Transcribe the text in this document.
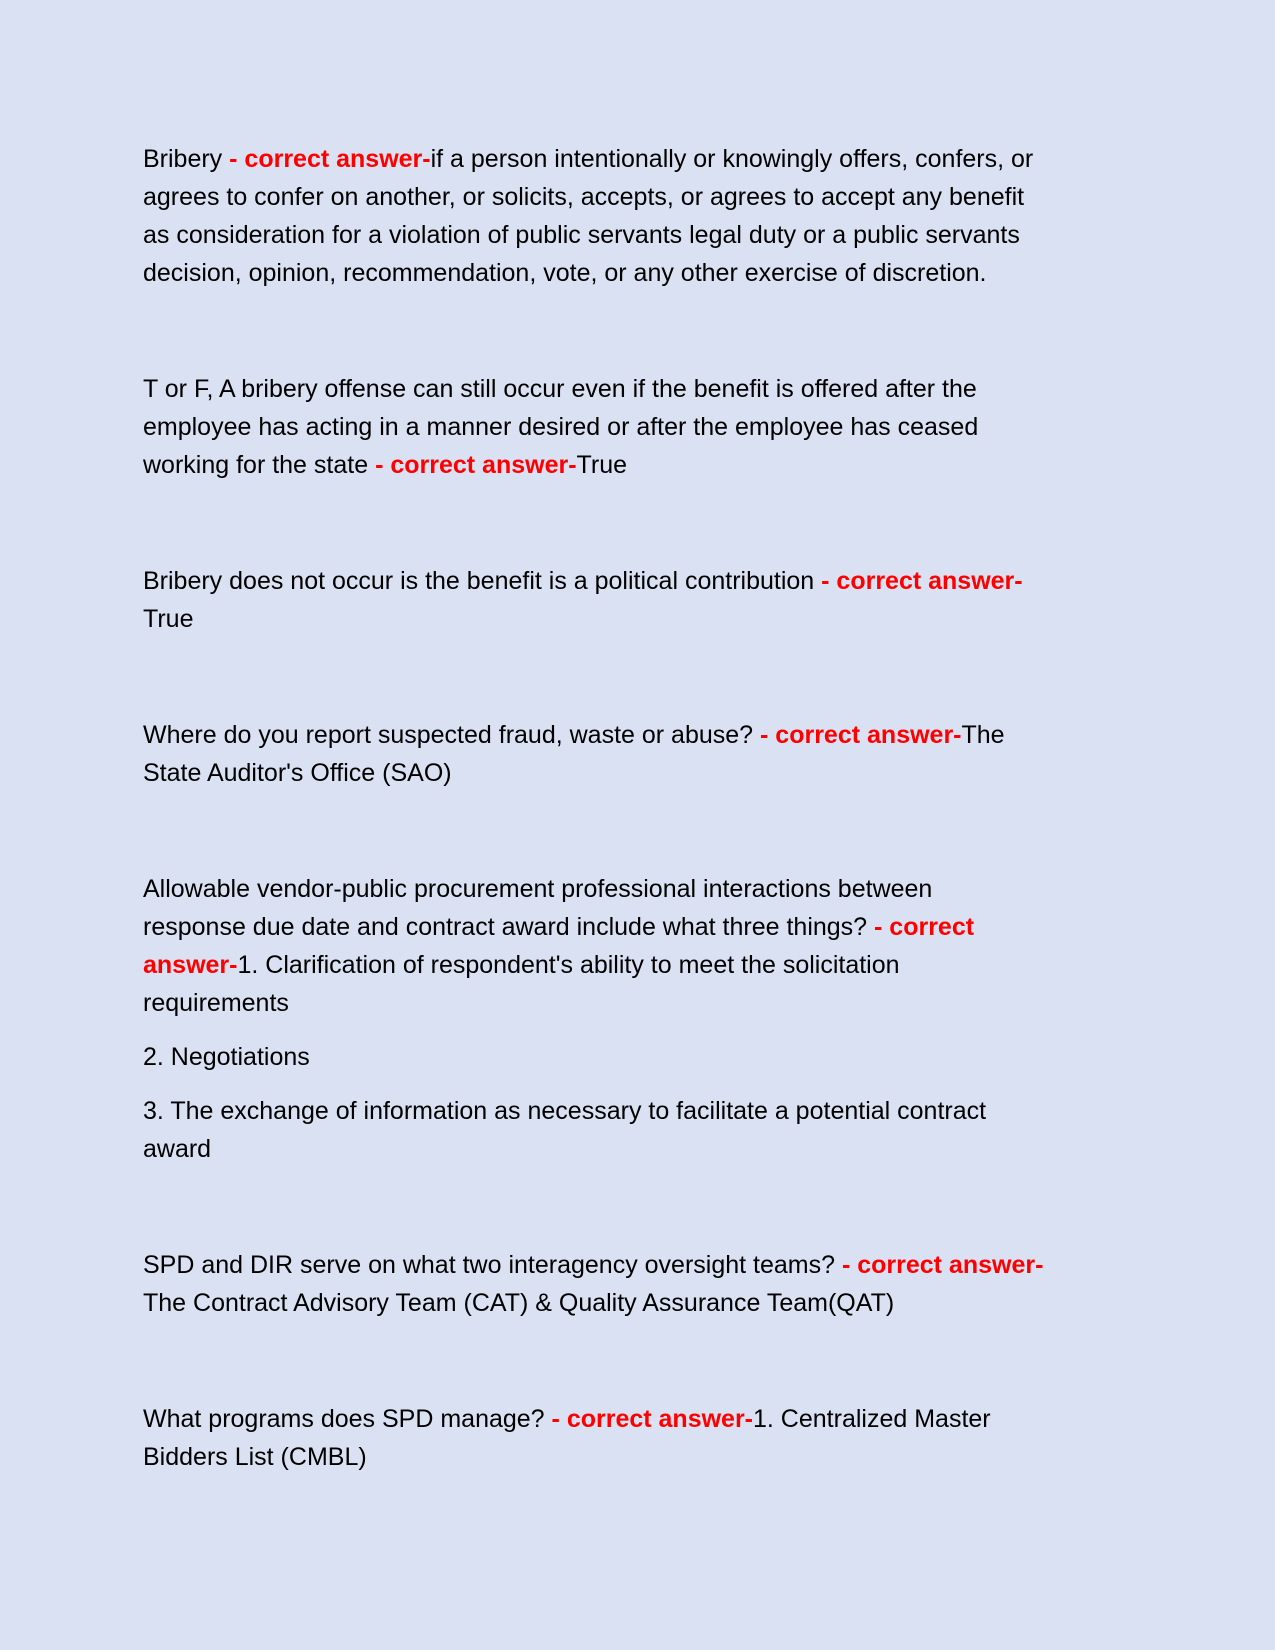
Bribery - correct answer-if a person intentionally or knowingly offers, confers, or
agrees to confer on another, or solicits, accepts, or agrees to accept any benefit
as consideration for a violation of public servants legal duty or a public servants
decision, opinion, recommendation, vote, or any other exercise of discretion.

T or F, A bribery offense can still occur even if the benefit is offered after the
employee has acting in a manner desired or after the employee has ceased
working for the state - correct answer-True

Bribery does not occur is the benefit is a political contribution - correct answer-
True

Where do you report suspected fraud, waste or abuse? - correct answer-The
State Auditor's Office (SAO)

Allowable vendor-public procurement professional interactions between
response due date and contract award include what three things? - correct
answer-1. Clarification of respondent's ability to meet the solicitation
requirements

2. Negotiations

3. The exchange of information as necessary to facilitate a potential contract
award

SPD and DIR serve on what two interagency oversight teams? - correct answer-
The Contract Advisory Team (CAT) & Quality Assurance Team(QAT)

What programs does SPD manage? - correct answer-1. Centralized Master
Bidders List (CMBL)
